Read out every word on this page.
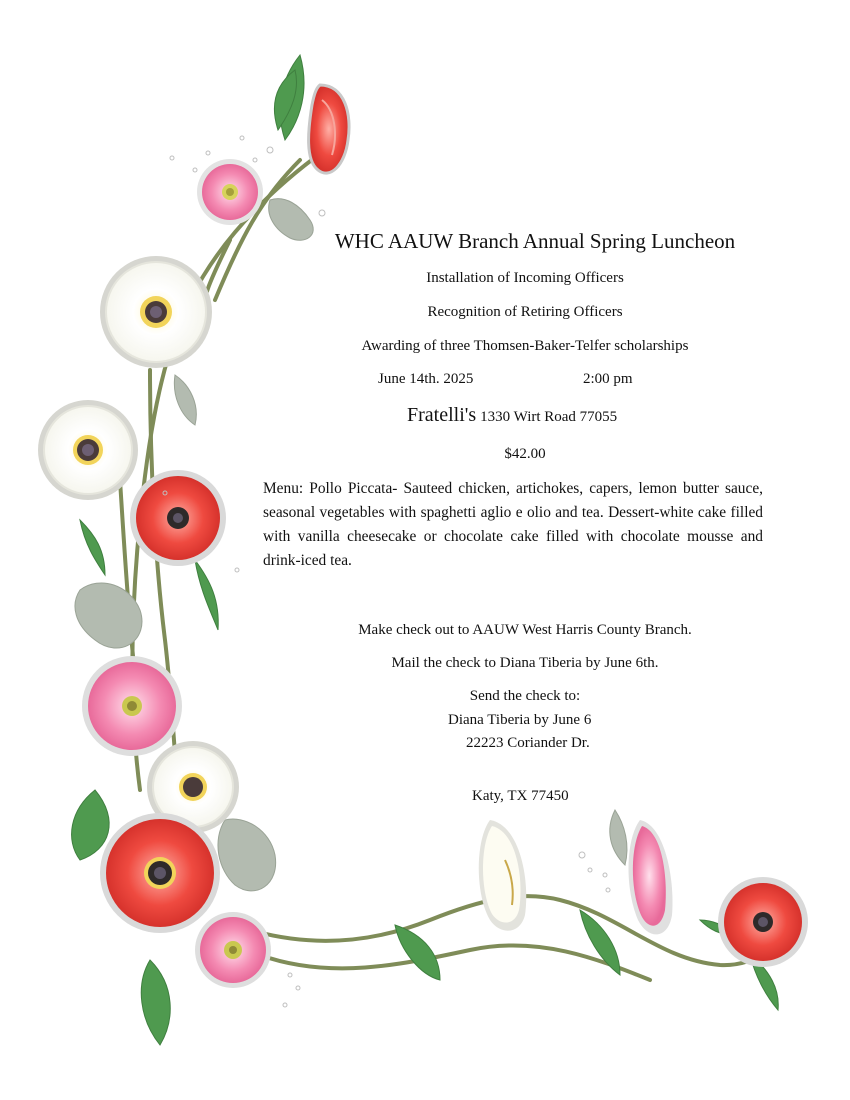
WHC AAUW Branch Annual Spring Luncheon
Installation of Incoming Officers
Recognition of Retiring Officers
Awarding of three Thomsen-Baker-Telfer scholarships
June 14th. 2025	2:00 pm
Fratelli's 1330 Wirt Road 77055
$42.00
Menu: Pollo Piccata- Sauteed chicken, artichokes, capers, lemon butter sauce, seasonal vegetables with spaghetti aglio e olio and tea. Dessert-white cake filled with vanilla cheesecake or chocolate cake filled with chocolate mousse and drink-iced tea.
Make check out to AAUW West Harris County Branch.
Mail the check to Diana Tiberia by June 6th.
Send the check to:
Diana Tiberia by June 6
22223 Coriander Dr.
Katy, TX 77450
